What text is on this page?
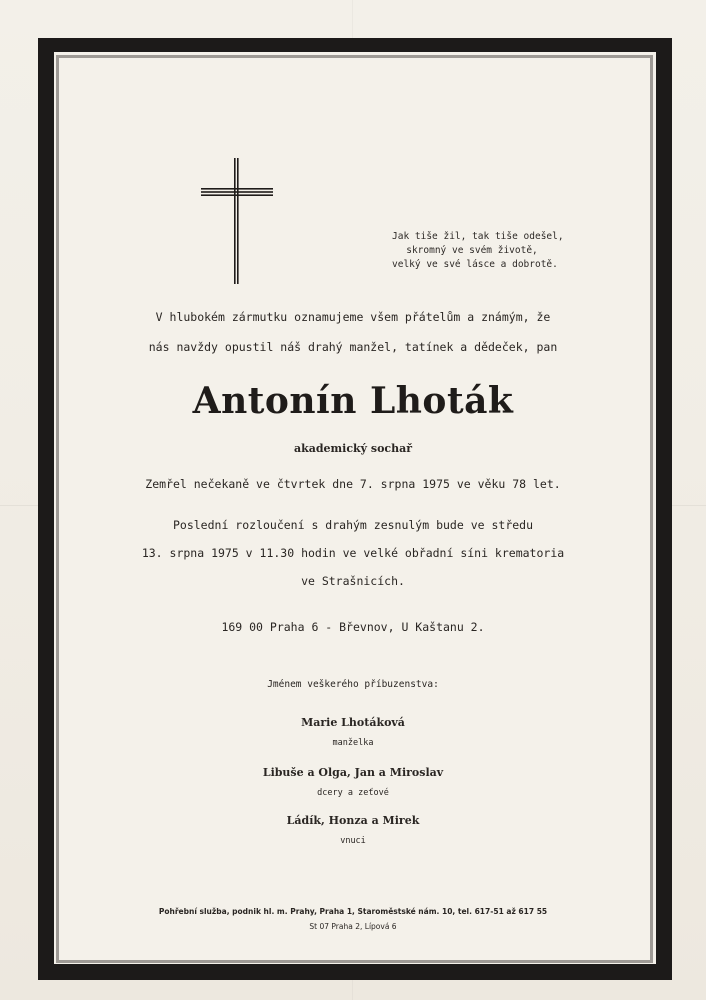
Jak tiše žil, tak tiše odešel,
skromný ve svém životě,
velký ve své lásce a dobrotě.
V hlubokém zármutku oznamujeme všem přátelům a známým, že
nás navždy opustil náš drahý manžel, tatínek a dědeček, pan
Antonín Lhoták
akademický sochař
Zemřel nečekaně ve čtvrtek dne 7. srpna 1975 ve věku 78 let.
Poslední rozloučení s drahým zesnulým bude ve středu
13. srpna 1975 v 11.30 hodin ve velké obřadní síni krematoria
ve Strašnicích.
169 00 Praha 6 - Břevnov, U Kaštanu 2.
Jménem veškerého příbuzenstva:
Marie Lhotáková
manželka
Libuše a Olga, Jan a Miroslav
dcery a zeťové
Ládík, Honza a Mirek
vnuci
Pohřební služba, podnik hl. m. Prahy, Praha 1, Staroměstské nám. 10, tel. 617-51 až 617 55
St 07 Praha 2, Lípová 6
